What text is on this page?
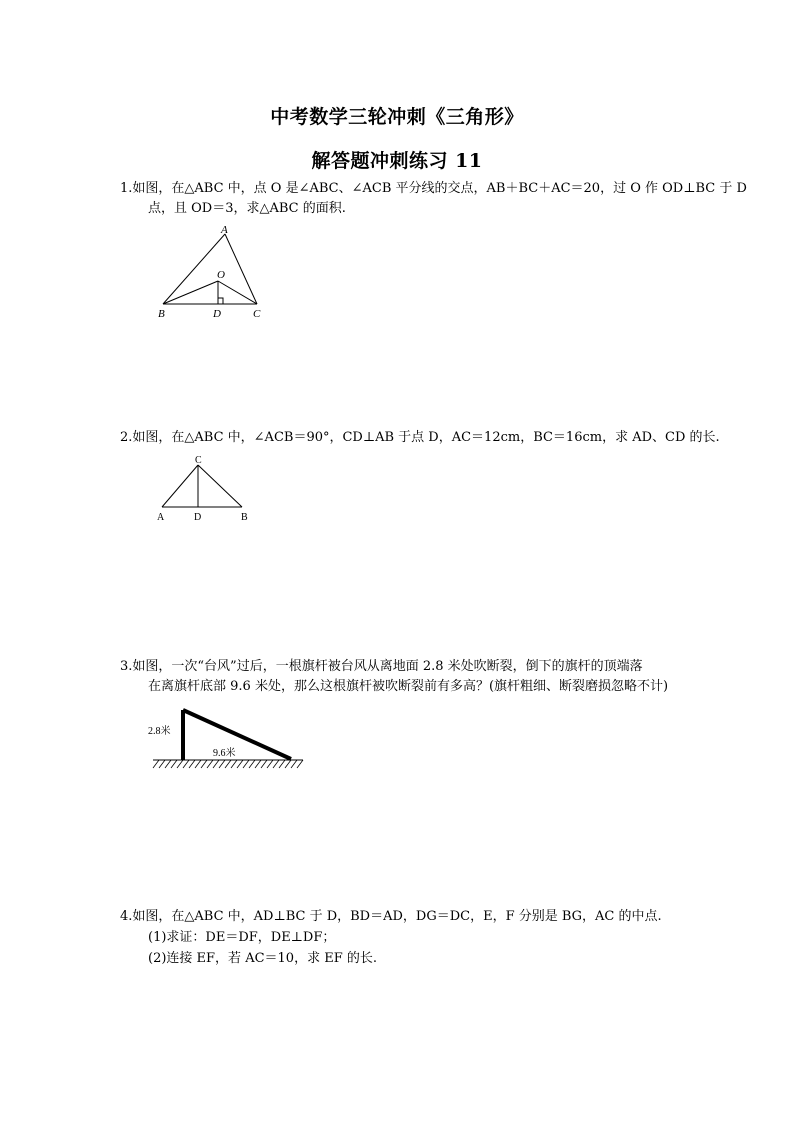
中考数学三轮冲刺《三角形》
解答题冲刺练习 11
1.如图，在△ABC 中，点 O 是∠ABC、∠ACB 平分线的交点，AB＋BC＋AC＝20，过 O 作 OD⊥BC 于 D
点，且 OD＝3，求△ABC 的面积.
A
O
B	D	C
2.如图，在△ABC 中，∠ACB＝90°，CD⊥AB 于点 D，AC＝12cm，BC＝16cm，求 AD、CD 的长.
C
A	D	B
3.如图，一次“台风”过后，一根旗杆被台风从离地面 2.8 米处吹断裂，倒下的旗杆的顶端落
在离旗杆底部 9.6 米处，那么这根旗杆被吹断裂前有多高？(旗杆粗细、断裂磨损忽略不计)
2.8米
9.6米
4.如图，在△ABC 中，AD⊥BC 于 D，BD＝AD，DG＝DC，E，F 分别是 BG，AC 的中点.
(1)求证：DE＝DF，DE⊥DF；
(2)连接 EF，若 AC＝10，求 EF 的长.
